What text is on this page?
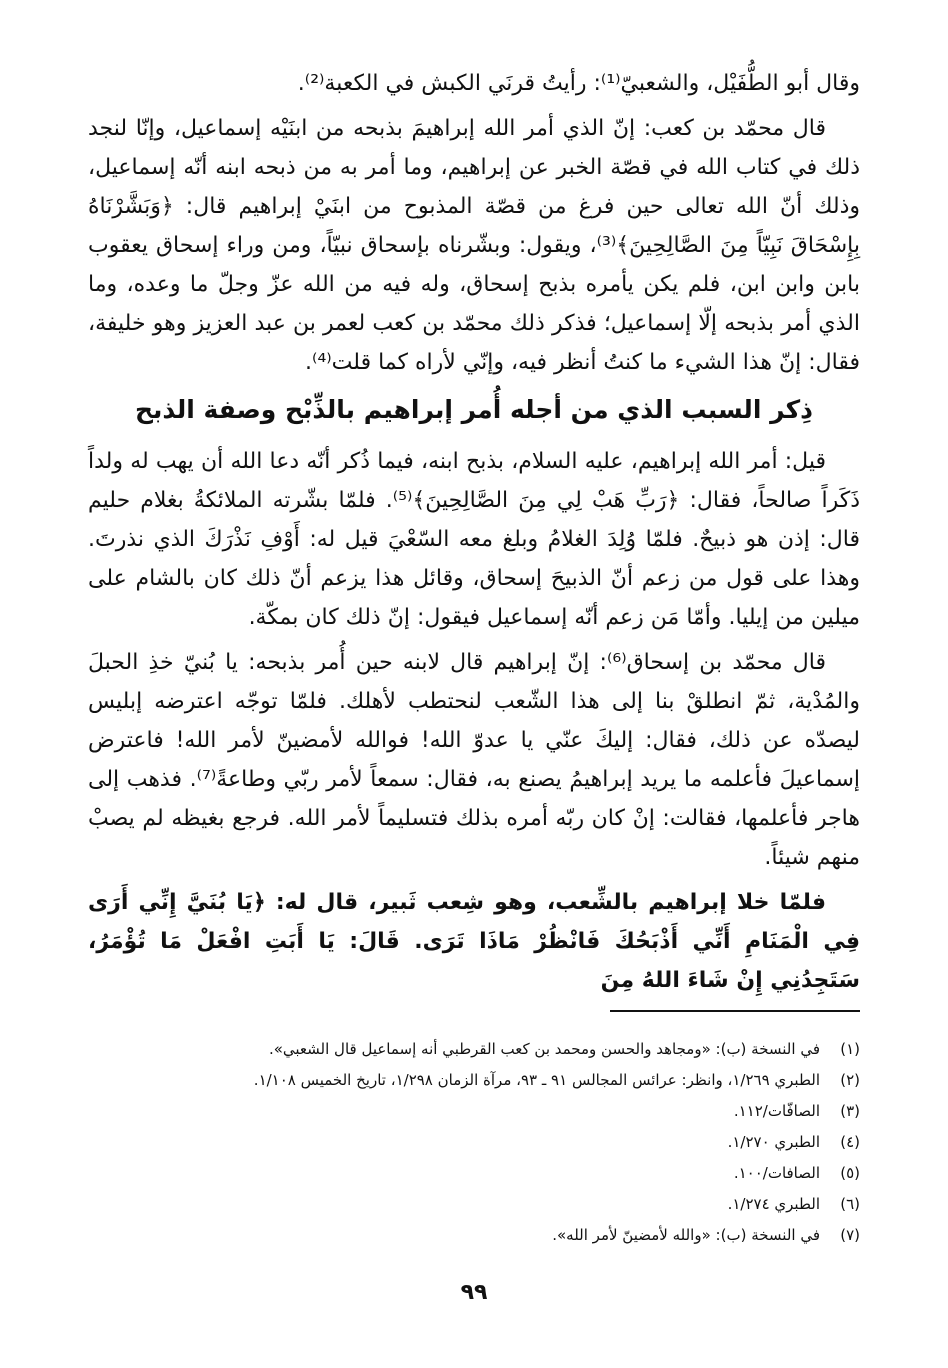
وقال أبو الطُّفَيْل، والشعبيّ⁽¹⁾: رأيتُ قرنَي الكبش في الكعبة⁽²⁾.

قال محمّد بن كعب: إنّ الذي أمر الله إبراهيمَ بذبحه من ابنَيْه إسماعيل، وإنّا لنجد ذلك في كتاب الله في قصّة الخبر عن إبراهيم، وما أمر به من ذبحه ابنه أنّه إسماعيل، وذلك أنّ الله تعالى حين فرغ من قصّة المذبوح من ابنَيْ إبراهيم قال: ﴿وَبَشَّرْنَاهُ بِإِسْحَاقَ نَبِيّاً مِنَ الصَّالِحِينَ﴾⁽³⁾، ويقول: وبشّرناه بإسحاق نبيّاً، ومن وراء إسحاق يعقوب بابن وابن ابن، فلم يكن يأمره بذبح إسحاق، وله فيه من الله عزّ وجلّ ما وعده، وما الذي أمر بذبحه إلّا إسماعيل؛ فذكر ذلك محمّد بن كعب لعمر بن عبد العزيز وهو خليفة، فقال: إنّ هذا الشيء ما كنتُ أنظر فيه، وإنّي لأراه كما قلت⁽⁴⁾.

ذِكر السبب الذي من أجله أُمر إبراهيم بالذِّبْح وصفة الذبح

قيل: أمر الله إبراهيم، عليه السلام، بذبح ابنه، فيما ذُكر أنّه دعا الله أن يهب له ولداً ذَكَراً صالحاً، فقال: ﴿رَبِّ هَبْ لِي مِنَ الصَّالِحِينَ﴾⁽⁵⁾. فلمّا بشّرته الملائكةُ بغلام حليم قال: إذن هو ذبيحٌ. فلمّا وُلِدَ الغلامُ وبلغ معه السّعْيَ قيل له: أَوْفِ نَذْرَكَ الذي نذرتَ. وهذا على قول من زعم أنّ الذبيحَ إسحاق، وقائل هذا يزعم أنّ ذلك كان بالشام على ميلين من إيليا. وأمّا مَن زعم أنّه إسماعيل فيقول: إنّ ذلك كان بمكّة.

قال محمّد بن إسحاق⁽⁶⁾: إنّ إبراهيم قال لابنه حين أُمر بذبحه: يا بُنيّ خذِ الحبلَ والمُدْية، ثمّ انطلقْ بنا إلى هذا الشّعب لنحتطب لأهلك. فلمّا توجّه اعترضه إبليس ليصدّه عن ذلك، فقال: إليكَ عنّي يا عدوّ الله! فوالله لأمضينّ لأمر الله! فاعترض إسماعيلَ فأعلمه ما يريد إبراهيمُ يصنع به، فقال: سمعاً لأمر ربّي وطاعةً⁽⁷⁾. فذهب إلى هاجر فأعلمها، فقالت: إنْ كان ربّه أمره بذلك فتسليماً لأمر الله. فرجع بغيظه لم يصبْ منهم شيئاً.

فلمّا خلا إبراهيم بالشِّعب، وهو شِعب ثَبير، قال له: ﴿يَا بُنَيَّ إِنِّي أَرَى فِي الْمَنَامِ أَنِّي أَذْبَحُكَ فَانْظُرْ مَاذَا تَرَى. قَالَ: يَا أَبَتِ افْعَلْ مَا تُؤْمَرُ، سَتَجِدُنِي إِنْ شَاءَ اللهُ مِنَ

(١)
في النسخة (ب): «ومجاهد والحسن ومحمد بن كعب القرطبي أنه إسماعيل قال الشعبي».
(٢)
الطبري ١/٢٦٩، وانظر: عرائس المجالس ٩١ ـ ٩٣، مرآة الزمان ١/٢٩٨، تاريخ الخميس ١/١٠٨.
(٣)
الصافّات/١١٢.
(٤)
الطبري ١/٢٧٠.
(٥)
الصافات/١٠٠.
(٦)
الطبري ١/٢٧٤.
(٧)
في النسخة (ب): «والله لأمضينّ لأمر الله».
٩٩
